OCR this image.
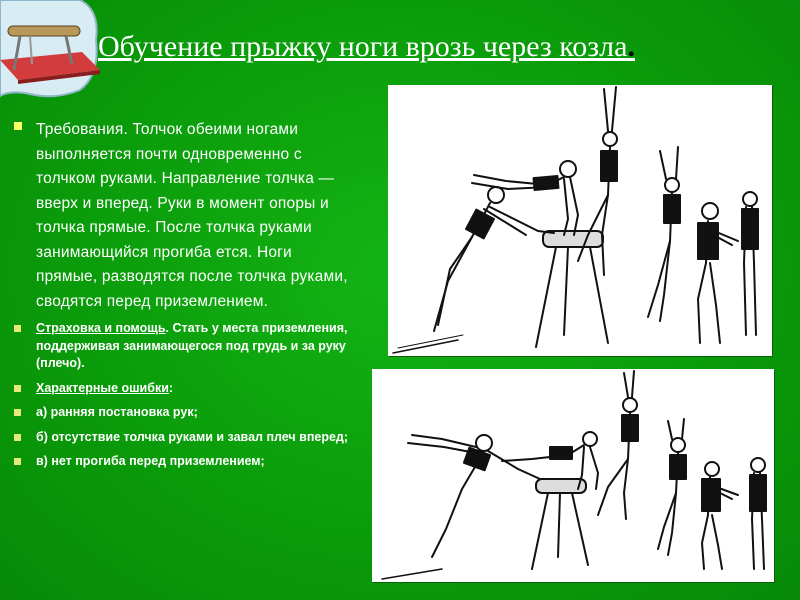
Обучение прыжку ноги врозь через козла.
Требования. Толчок обеими ногами выполняется почти одновременно с толчком руками. Направление толчка — вверх и вперед. Руки в момент опоры и толчка прямые. После толчка руками занимающийся прогиба ется. Ноги прямые, разводятся после толчка руками, сводятся перед приземлением.
Страховка и помощь. Стать у места приземления, поддерживая занимающегося под грудь и за руку (плечо).
Характерные ошибки:
а) ранняя постановка рук;
б) отсутствие толчка руками и завал плеч вперед;
в) нет прогиба перед приземлением;
